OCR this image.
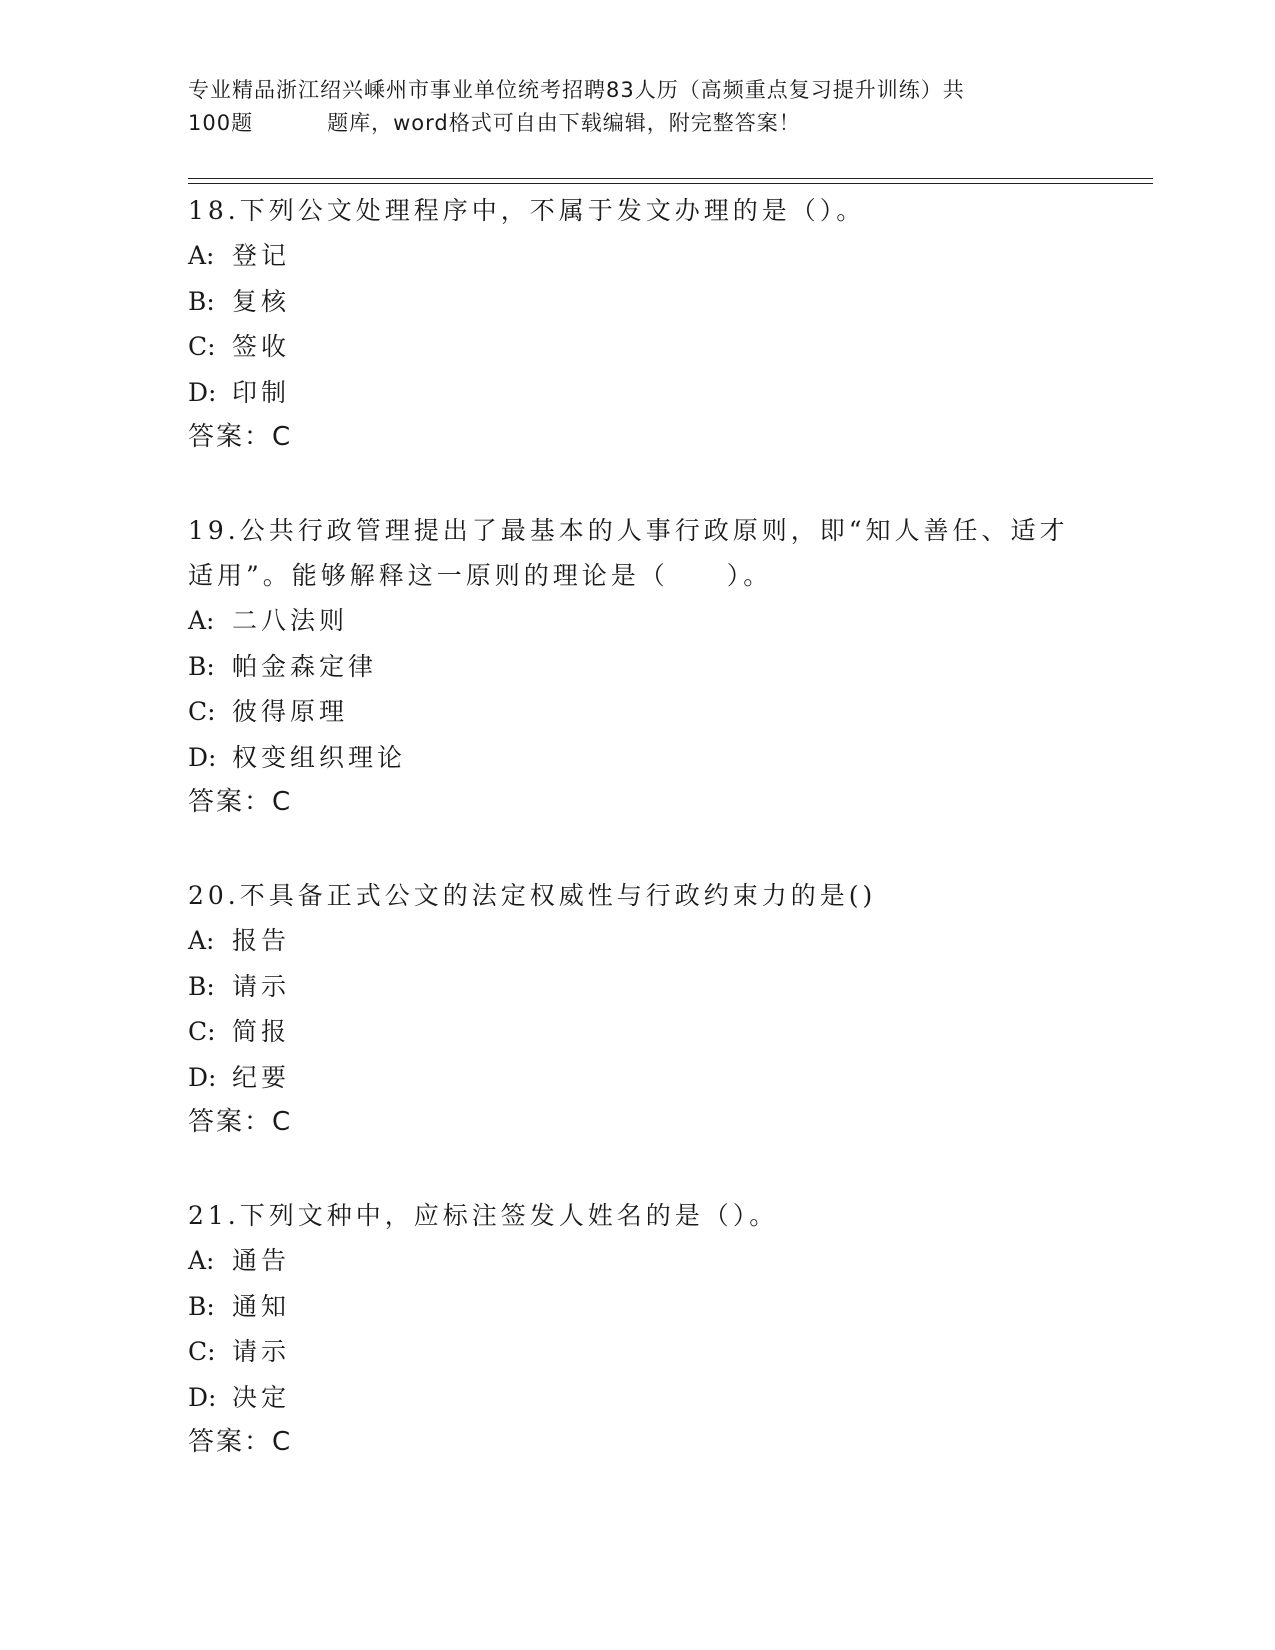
专业精品浙江绍兴嵊州市事业单位统考招聘83人历（高频重点复习提升训练）共
100题	题库，word格式可自由下载编辑，附完整答案！

18.下列公文处理程序中，不属于发文办理的是（）。

A: 登记

B: 复核

C: 签收

D: 印制

答案：C

19.公共行政管理提出了最基本的人事行政原则，即“知人善任、适才

适用”。能够解释这一原则的理论是（　　）。

A: 二八法则

B: 帕金森定律

C: 彼得原理

D: 权变组织理论

答案：C

20.不具备正式公文的法定权威性与行政约束力的是()

A: 报告

B: 请示

C: 简报

D: 纪要

答案：C

21.下列文种中，应标注签发人姓名的是（）。

A: 通告

B: 通知

C: 请示

D: 决定

答案：C
